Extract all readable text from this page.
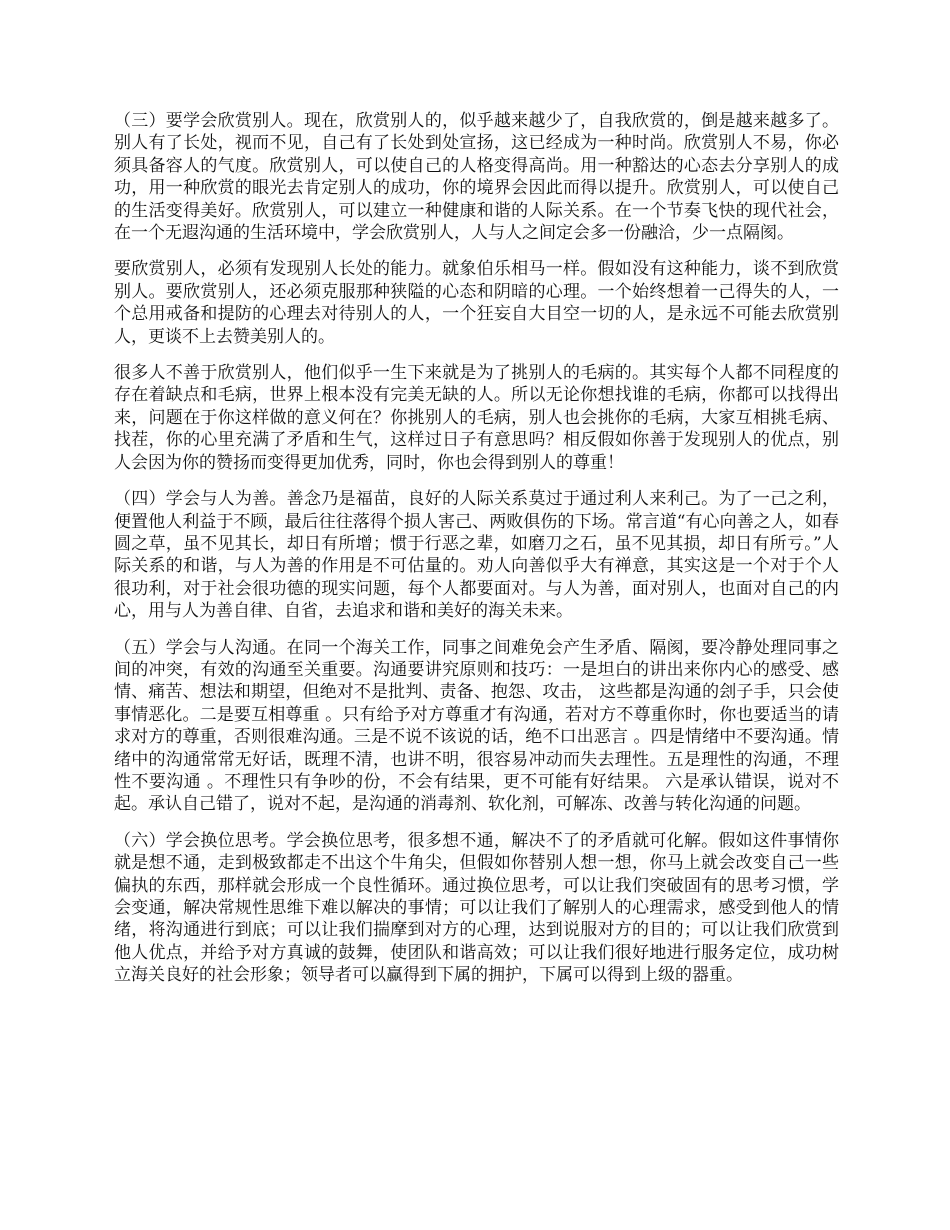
（三）要学会欣赏别人。现在，欣赏别人的，似乎越来越少了，自我欣赏的，倒是越来越多了。别人有了长处，视而不见，自己有了长处到处宣扬，这已经成为一种时尚。欣赏别人不易，你必须具备容人的气度。欣赏别人，可以使自己的人格变得高尚。用一种豁达的心态去分享别人的成功，用一种欣赏的眼光去肯定别人的成功，你的境界会因此而得以提升。欣赏别人，可以使自己的生活变得美好。欣赏别人，可以建立一种健康和谐的人际关系。在一个节奏飞快的现代社会，在一个无遐沟通的生活环境中，学会欣赏别人，人与人之间定会多一份融洽，少一点隔阂。

要欣赏别人，必须有发现别人长处的能力。就象伯乐相马一样。假如没有这种能力，谈不到欣赏别人。要欣赏别人，还必须克服那种狭隘的心态和阴暗的心理。一个始终想着一己得失的人，一个总用戒备和提防的心理去对待别人的人，一个狂妄自大目空一切的人，是永远不可能去欣赏别人，更谈不上去赞美别人的。

很多人不善于欣赏别人，他们似乎一生下来就是为了挑别人的毛病的。其实每个人都不同程度的存在着缺点和毛病，世界上根本没有完美无缺的人。所以无论你想找谁的毛病，你都可以找得出来，问题在于你这样做的意义何在？你挑别人的毛病，别人也会挑你的毛病，大家互相挑毛病、找茬，你的心里充满了矛盾和生气，这样过日子有意思吗？相反假如你善于发现别人的优点，别人会因为你的赞扬而变得更加优秀，同时，你也会得到别人的尊重！

（四）学会与人为善。善念乃是福苗，良好的人际关系莫过于通过利人来利己。为了一己之利，便置他人利益于不顾，最后往往落得个损人害己、两败俱伤的下场。常言道“有心向善之人，如春圆之草，虽不见其长，却日有所增；惯于行恶之辈，如磨刀之石，虽不见其损，却日有所亏。”人际关系的和谐，与人为善的作用是不可估量的。劝人向善似乎大有禅意，其实这是一个对于个人很功利，对于社会很功德的现实问题，每个人都要面对。与人为善，面对别人，也面对自己的内心，用与人为善自律、自省，去追求和谐和美好的海关未来。

（五）学会与人沟通。在同一个海关工作，同事之间难免会产生矛盾、隔阂，要冷静处理同事之间的冲突，有效的沟通至关重要。沟通要讲究原则和技巧：一是坦白的讲出来你内心的感受、感情、痛苦、想法和期望，但绝对不是批判、责备、抱怨、攻击， 这些都是沟通的刽子手，只会使事情恶化。二是要互相尊重 。只有给予对方尊重才有沟通，若对方不尊重你时，你也要适当的请求对方的尊重，否则很难沟通。三是不说不该说的话，绝不口出恶言 。四是情绪中不要沟通。情绪中的沟通常常无好话，既理不清，也讲不明，很容易冲动而失去理性。五是理性的沟通，不理性不要沟通 。不理性只有争吵的份，不会有结果，更不可能有好结果。 六是承认错误，说对不起。承认自己错了，说对不起，是沟通的消毒剂、软化剂，可解冻、改善与转化沟通的问题。

（六）学会换位思考。学会换位思考，很多想不通，解决不了的矛盾就可化解。假如这件事情你就是想不通，走到极致都走不出这个牛角尖，但假如你替别人想一想，你马上就会改变自己一些偏执的东西，那样就会形成一个良性循环。通过换位思考，可以让我们突破固有的思考习惯，学会变通，解决常规性思维下难以解决的事情；可以让我们了解别人的心理需求，感受到他人的情绪，将沟通进行到底；可以让我们揣摩到对方的心理，达到说服对方的目的；可以让我们欣赏到他人优点，并给予对方真诚的鼓舞，使团队和谐高效；可以让我们很好地进行服务定位，成功树立海关良好的社会形象；领导者可以赢得到下属的拥护，下属可以得到上级的器重。
